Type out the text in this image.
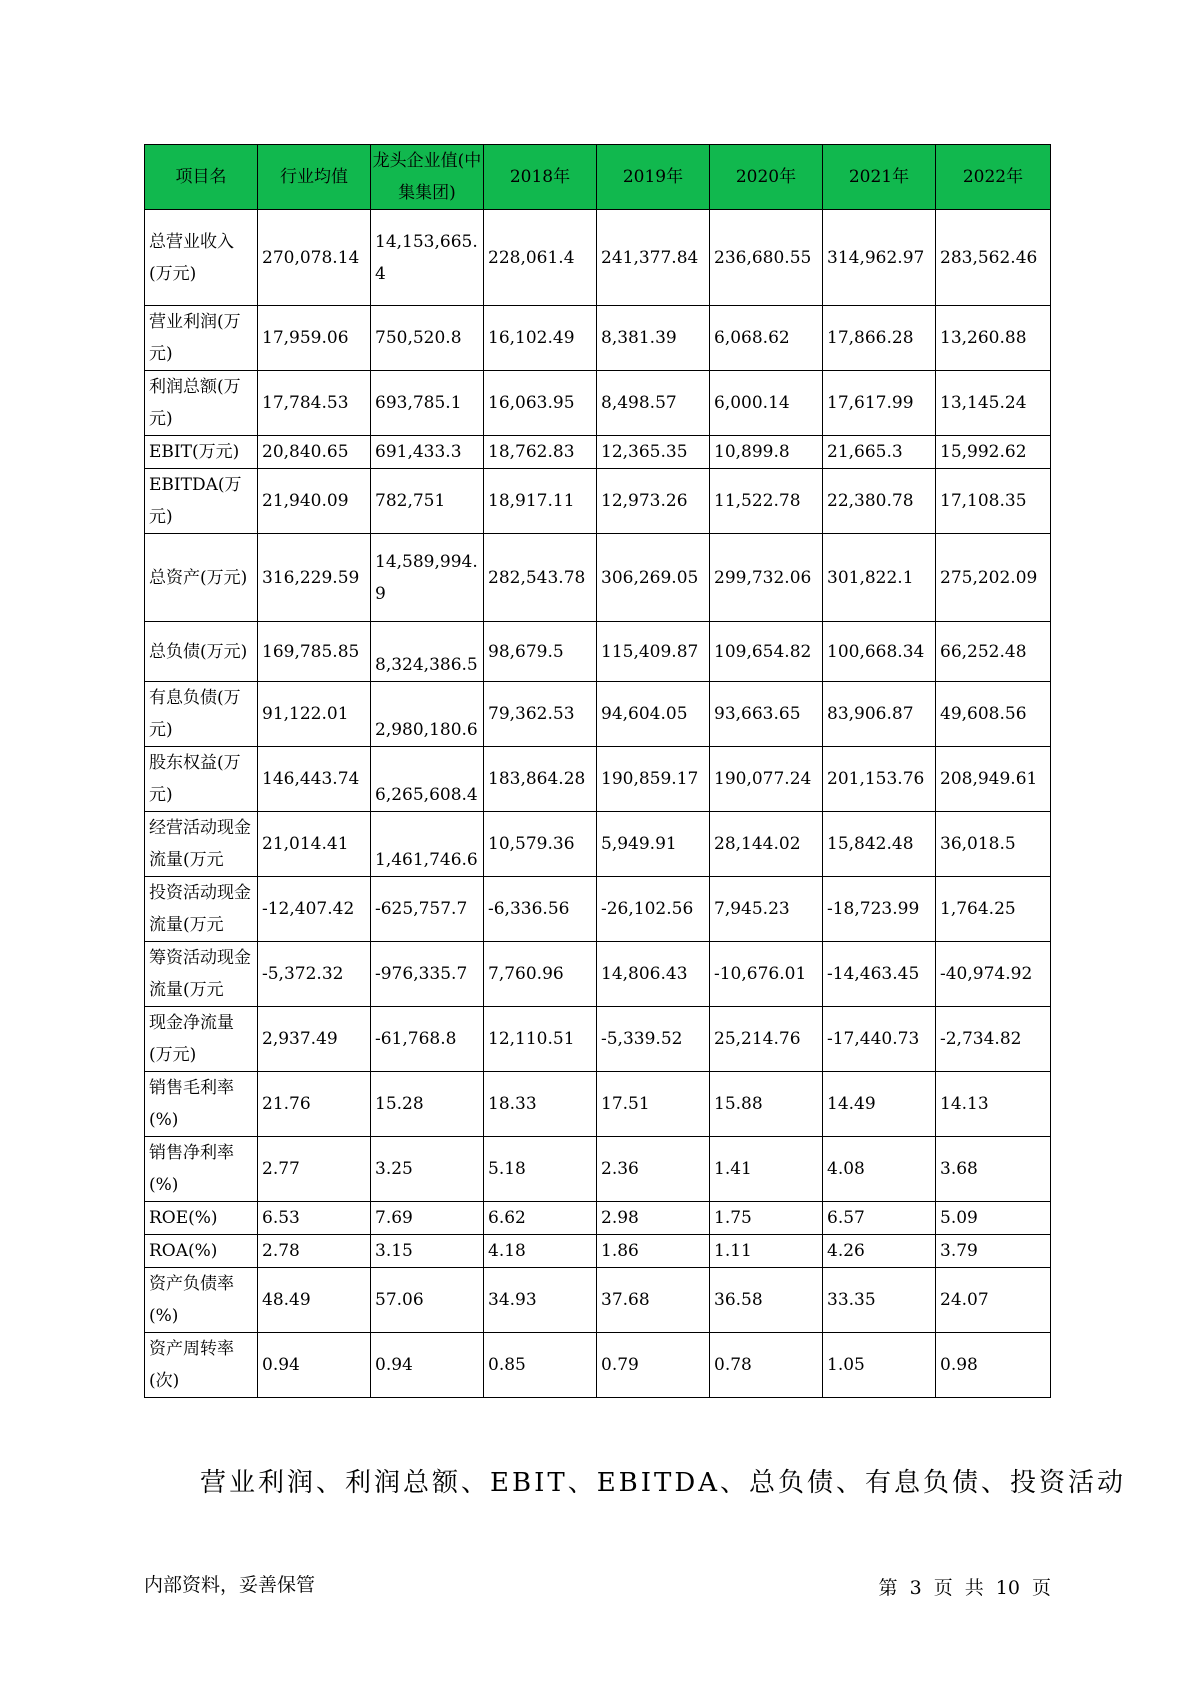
项目名	行业均值	龙头企业值(中集集团)	2018年	2019年	2020年	2021年	2022年
总营业收入(万元)	270,078.14	14,153,665.4	228,061.4	241,377.84	236,680.55	314,962.97	283,562.46
营业利润(万元)	17,959.06	750,520.8	16,102.49	8,381.39	6,068.62	17,866.28	13,260.88
利润总额(万元)	17,784.53	693,785.1	16,063.95	8,498.57	6,000.14	17,617.99	13,145.24
EBIT(万元)	20,840.65	691,433.3	18,762.83	12,365.35	10,899.8	21,665.3	15,992.62
EBITDA(万元)	21,940.09	782,751	18,917.11	12,973.26	11,522.78	22,380.78	17,108.35
总资产(万元)	316,229.59	14,589,994.9	282,543.78	306,269.05	299,732.06	301,822.1	275,202.09
总负债(万元)	169,785.85	8,324,386.5	98,679.5	115,409.87	109,654.82	100,668.34	66,252.48
有息负债(万元)	91,122.01	2,980,180.6	79,362.53	94,604.05	93,663.65	83,906.87	49,608.56
股东权益(万元)	146,443.74	6,265,608.4	183,864.28	190,859.17	190,077.24	201,153.76	208,949.61
经营活动现金流量(万元	21,014.41	1,461,746.6	10,579.36	5,949.91	28,144.02	15,842.48	36,018.5
投资活动现金流量(万元	-12,407.42	-625,757.7	-6,336.56	-26,102.56	7,945.23	-18,723.99	1,764.25
筹资活动现金流量(万元	-5,372.32	-976,335.7	7,760.96	14,806.43	-10,676.01	-14,463.45	-40,974.92
现金净流量(万元)	2,937.49	-61,768.8	12,110.51	-5,339.52	25,214.76	-17,440.73	-2,734.82
销售毛利率(%)	21.76	15.28	18.33	17.51	15.88	14.49	14.13
销售净利率(%)	2.77	3.25	5.18	2.36	1.41	4.08	3.68
ROE(%)	6.53	7.69	6.62	2.98	1.75	6.57	5.09
ROA(%)	2.78	3.15	4.18	1.86	1.11	4.26	3.79
资产负债率(%)	48.49	57.06	34.93	37.68	36.58	33.35	24.07
资产周转率(次)	0.94	0.94	0.85	0.79	0.78	1.05	0.98
营业利润、利润总额、EBIT、EBITDA、总负债、有息负债、投资活动
内部资料，妥善保管	第 3 页 共 10 页
